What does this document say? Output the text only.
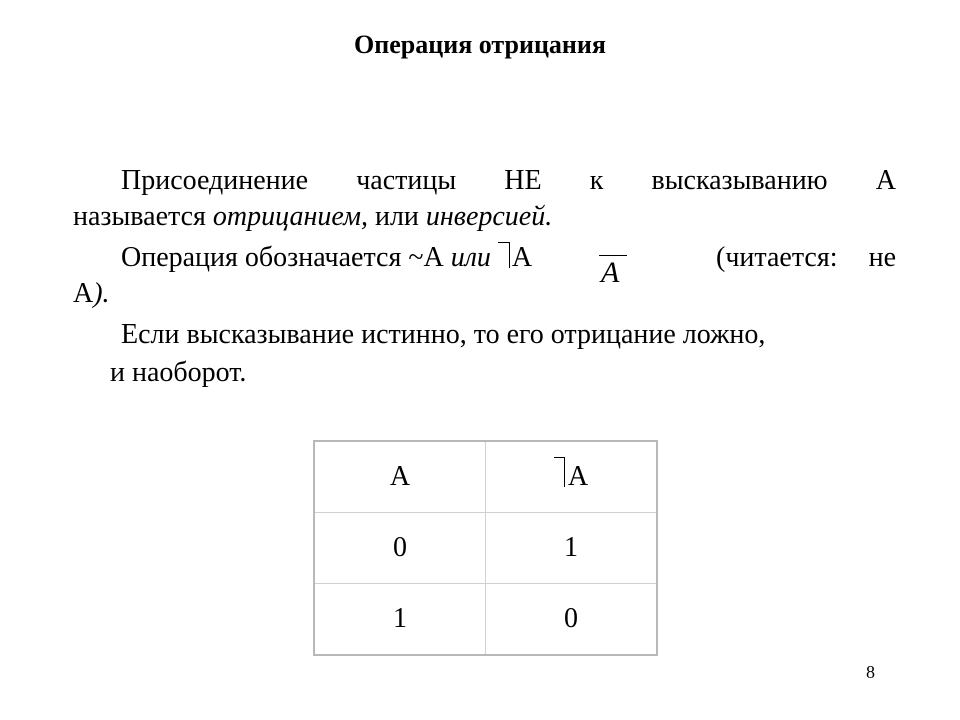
Операция отрицания
Присоединение частицы НЕ к высказыванию А
называется отрицанием, или инверсией.
Операция обозначается ~А или А А	(читается: не
А).
Если высказывание истинно, то его отрицание ложно,
и наоборот.
А	А
0	1
1	0
8
